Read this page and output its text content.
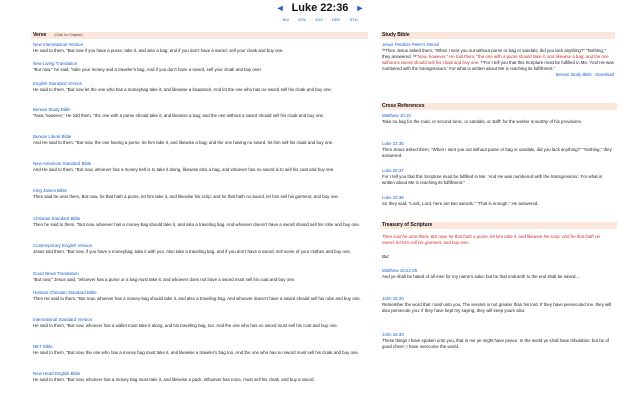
◄ Luke 22:36 ►
NIV ESV KJV DRV STU
Verse (Click for Chapter)
New International Version
He said to them, "But now if you have a purse, take it, and also a bag; and if you don't have a sword, sell your cloak and buy one.
New Living Translation
"But now," he said, "take your money and a traveler's bag. And if you don't have a sword, sell your cloak and buy one!
English Standard Version
He said to them, "But now let the one who has a moneybag take it, and likewise a knapsack. And let the one who has no sword sell his cloak and buy one.
Berean Study Bible
"Now, however," He told them, "the one with a purse should take it, and likewise a bag; and the one without a sword should sell his cloak and buy one.
Berean Literal Bible
And He said to them, "But now, the one having a purse, let him take it, and likewise a bag; and the one having no sword, let him sell his cloak and buy one.
New American Standard Bible
And He said to them, "But now, whoever has a money belt is to take it along, likewise also a bag, and whoever has no sword is to sell his coat and buy one.
King James Bible
Then said he unto them, But now, he that hath a purse, let him take it, and likewise his scrip: and he that hath no sword, let him sell his garment, and buy one.
Christian Standard Bible
Then he said to them, "But now, whoever has a money-bag should take it, and also a traveling bag. And whoever doesn't have a sword should sell his robe and buy one.
Contemporary English Version
Jesus told them, "But now, if you have a moneybag, take it with you. Also take a traveling bag, and if you don't have a sword, sell some of your clothes and buy one.
Good News Translation
"But now," Jesus said, "whoever has a purse or a bag must take it; and whoever does not have a sword must sell his coat and buy one.
Holman Christian Standard Bible
Then He said to them, "But now, whoever has a money-bag should take it, and also a traveling bag. And whoever doesn't have a sword should sell his robe and buy one.
International Standard Version
He said to them, "But now, whoever has a wallet must take it along, and his traveling bag, too. And the one who has no sword must sell his coat and buy one.
NET Bible
He said to them, "But now, the one who has a money bag must take it, and likewise a traveler's bag too. And the one who has no sword must sell his cloak and buy one.
New Heart English Bible
He said to them, "But now, whoever has a money bag must take it, and likewise a pack. Whoever has none, must sell his cloak, and buy a sword.
Study Bible
Jesus Predicts Peter's Denial
³⁵Then Jesus asked them, "When I sent you out without purse or bag or sandals, did you lack anything?" "Nothing," they answered. ³⁶"Now, however," He told them, "the one with a purse should take it, and likewise a bag; and the one without a sword should sell his cloak and buy one. ³⁷For I tell you that this Scripture must be fulfilled in Me: 'And He was numbered with the transgressors.' For what is written about Me is reaching its fulfillment."
Berean Study Bible · Download
Cross References
Matthew 10:10
Take no bag for the road, or second tunic, or sandals, or staff; for the worker is worthy of his provisions.
Luke 22:35
Then Jesus asked them, "When I sent you out without purse or bag or sandals, did you lack anything?" "Nothing," they answered.
Luke 22:37
For I tell you that this Scripture must be fulfilled in Me: 'And He was numbered with the transgressors.' For what is written about Me is reaching its fulfillment."
Luke 22:38
So they said, "Look, Lord, here are two swords." "That is enough," He answered.
Treasury of Scripture
Then said he unto them, But now, he that hath a purse, let him take it, and likewise his scrip: and he that hath no sword, let him sell his garment, and buy one.
But
Matthew 10:22-25
And ye shall be hated of all men for my name's sake: but he that endureth to the end shall be saved....
John 15:20
Remember the word that I said unto you, The servant is not greater than his lord. If they have persecuted me, they will also persecute you; if they have kept my saying, they will keep yours also.
John 16:33
These things I have spoken unto you, that in me ye might have peace. In the world ye shall have tribulation: but be of good cheer; I have overcome the world.
